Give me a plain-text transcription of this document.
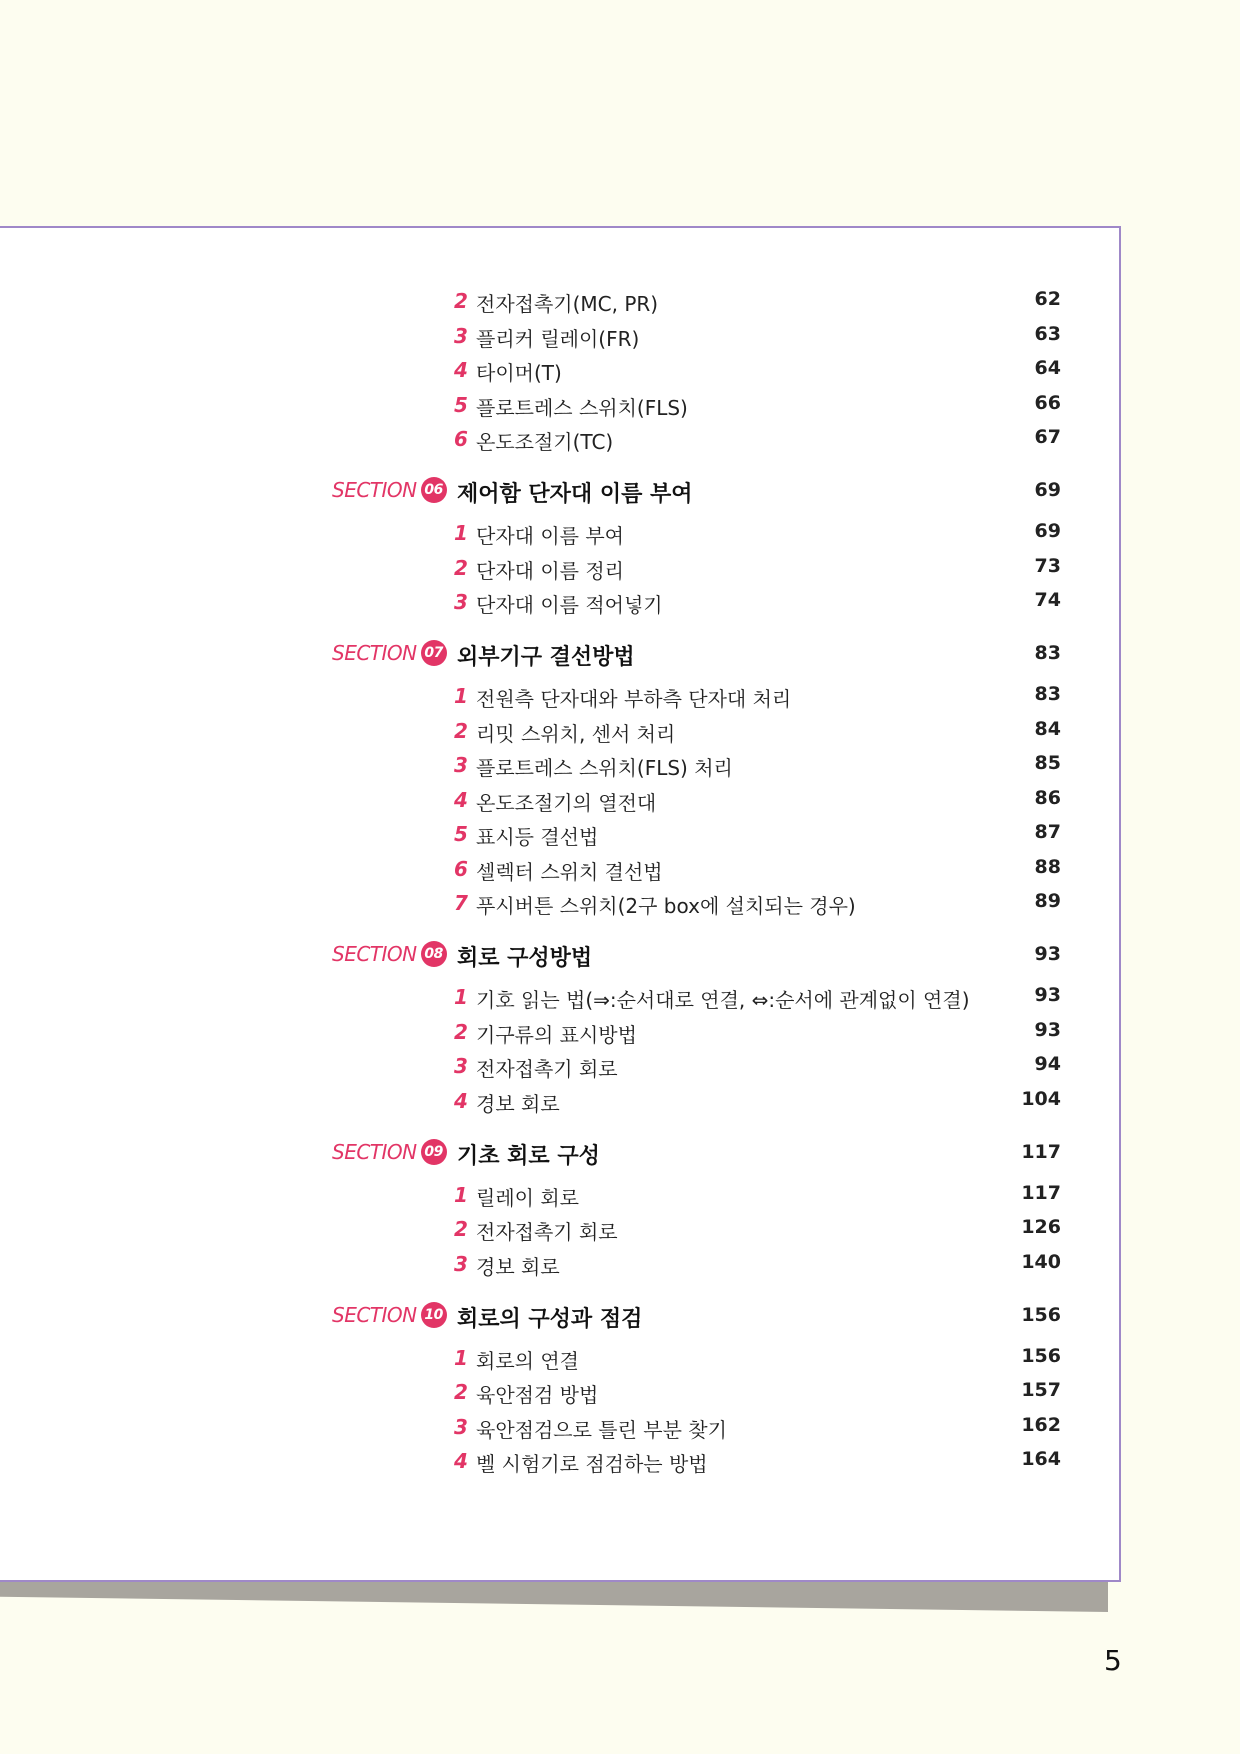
2 전자접촉기(MC, PR)	62
3 플리커 릴레이(FR)	63
4 타이머(T)	64
5 플로트레스 스위치(FLS)	66
6 온도조절기(TC)	67
SECTION 06 제어함 단자대 이름 부여	69
1 단자대 이름 부여	69
2 단자대 이름 정리	73
3 단자대 이름 적어넣기	74
SECTION 07 외부기구 결선방법	83
1 전원측 단자대와 부하측 단자대 처리	83
2 리밋 스위치, 센서 처리	84
3 플로트레스 스위치(FLS) 처리	85
4 온도조절기의 열전대	86
5 표시등 결선법	87
6 셀렉터 스위치 결선법	88
7 푸시버튼 스위치(2구 box에 설치되는 경우)	89
SECTION 08 회로 구성방법	93
1 기호 읽는 법(⇒:순서대로 연결, ⇔:순서에 관계없이 연결)	93
2 기구류의 표시방법	93
3 전자접촉기 회로	94
4 경보 회로	104
SECTION 09 기초 회로 구성	117
1 릴레이 회로	117
2 전자접촉기 회로	126
3 경보 회로	140
SECTION 10 회로의 구성과 점검	156
1 회로의 연결	156
2 육안점검 방법	157
3 육안점검으로 틀린 부분 찾기	162
4 벨 시험기로 점검하는 방법	164
5
